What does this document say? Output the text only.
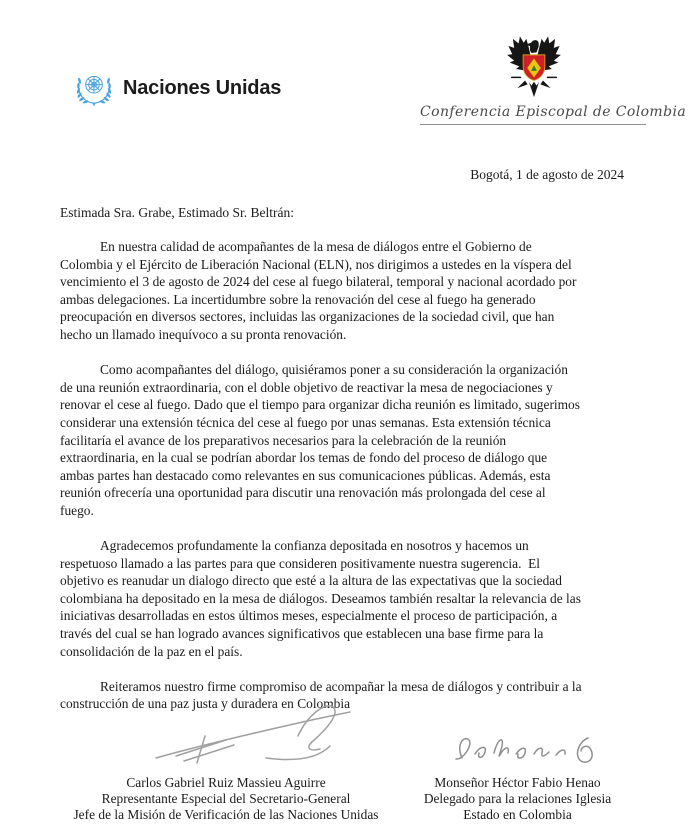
Naciones Unidas
Conferencia Episcopal de Colombia
Bogotá, 1 de agosto de 2024
Estimada Sra. Grabe, Estimado Sr. Beltrán:
En nuestra calidad de acompañantes de la mesa de diálogos entre el Gobierno de
Colombia y el Ejército de Liberación Nacional (ELN), nos dirigimos a ustedes en la víspera del
vencimiento el 3 de agosto de 2024 del cese al fuego bilateral, temporal y nacional acordado por
ambas delegaciones. La incertidumbre sobre la renovación del cese al fuego ha generado
preocupación en diversos sectores, incluidas las organizaciones de la sociedad civil, que han
hecho un llamado inequívoco a su pronta renovación.
Como acompañantes del diálogo, quisiéramos poner a su consideración la organización
de una reunión extraordinaria, con el doble objetivo de reactivar la mesa de negociaciones y
renovar el cese al fuego. Dado que el tiempo para organizar dicha reunión es limitado, sugerimos
considerar una extensión técnica del cese al fuego por unas semanas. Esta extensión técnica
facilitaría el avance de los preparativos necesarios para la celebración de la reunión
extraordinaria, en la cual se podrían abordar los temas de fondo del proceso de diálogo que
ambas partes han destacado como relevantes en sus comunicaciones públicas. Además, esta
reunión ofrecería una oportunidad para discutir una renovación más prolongada del cese al
fuego.
Agradecemos profundamente la confianza depositada en nosotros y hacemos un
respetuoso llamado a las partes para que consideren positivamente nuestra sugerencia.  El
objetivo es reanudar un dialogo directo que esté a la altura de las expectativas que la sociedad
colombiana ha depositado en la mesa de diálogos. Deseamos también resaltar la relevancia de las
iniciativas desarrolladas en estos últimos meses, especialmente el proceso de participación, a
través del cual se han logrado avances significativos que establecen una base firme para la
consolidación de la paz en el país.
Reiteramos nuestro firme compromiso de acompañar la mesa de diálogos y contribuir a la
construcción de una paz justa y duradera en Colombia
Carlos Gabriel Ruiz Massieu Aguirre
Representante Especial del Secretario-General
Jefe de la Misión de Verificación de las Naciones Unidas
Monseñor Héctor Fabio Henao
Delegado para la relaciones Iglesia
Estado en Colombia
